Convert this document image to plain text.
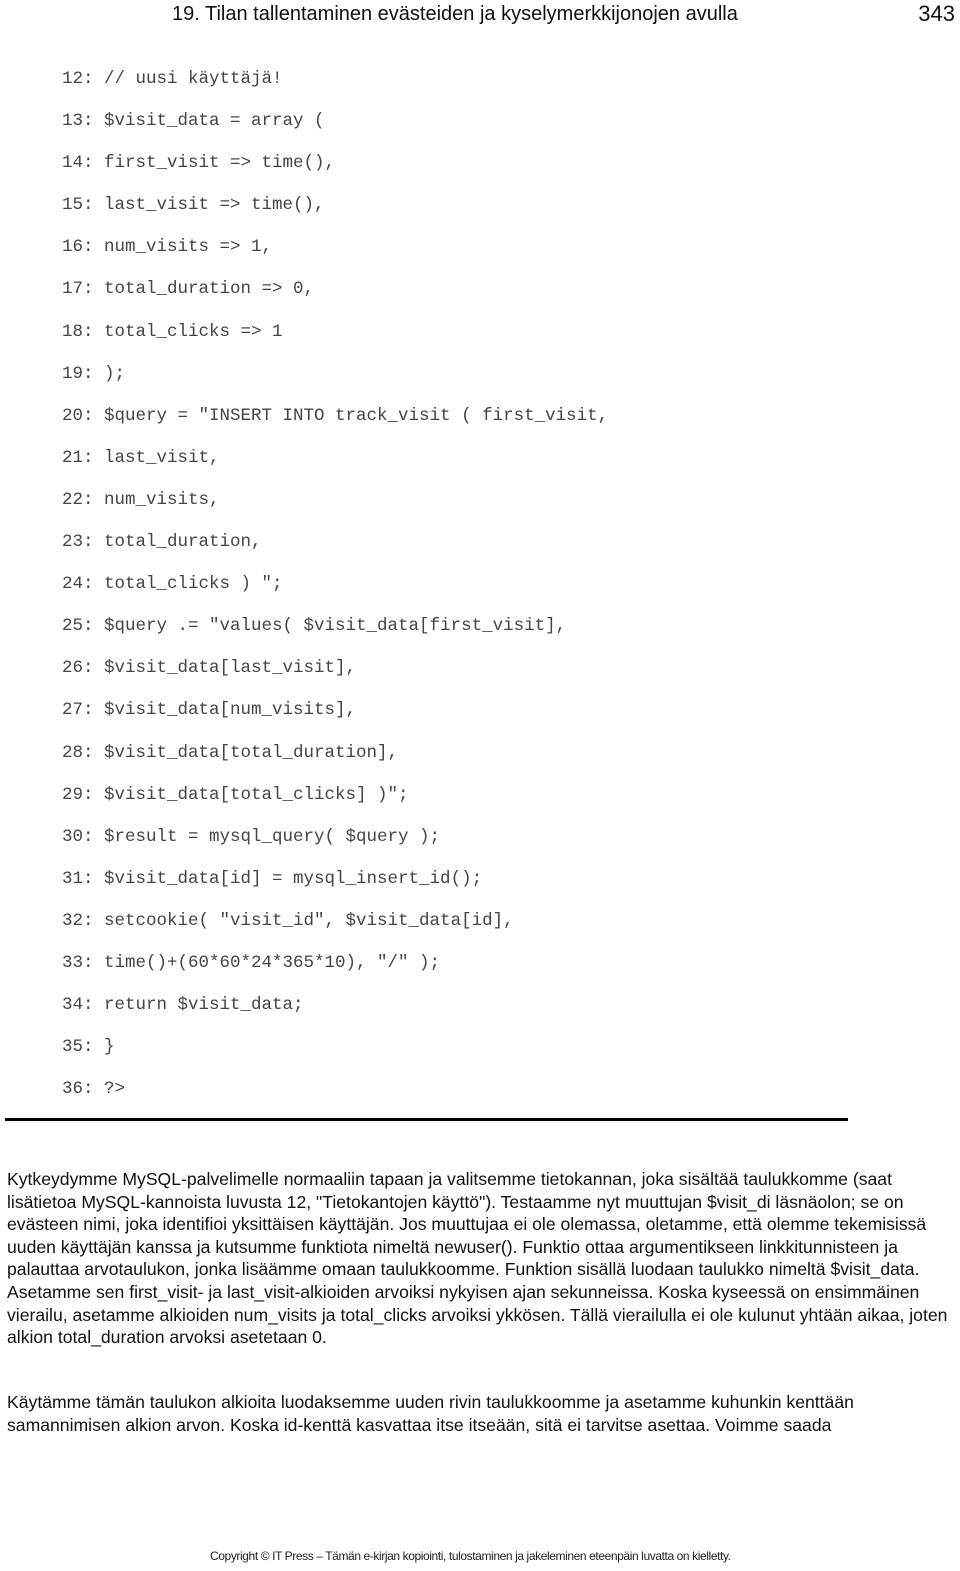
19. Tilan tallentaminen evästeiden ja kyselymerkkijonojen avulla	343
12: // uusi käyttäjä!
13: $visit_data = array (
14: first_visit => time(),
15: last_visit => time(),
16: num_visits => 1,
17: total_duration => 0,
18: total_clicks => 1
19: );
20: $query = "INSERT INTO track_visit ( first_visit,
21: last_visit,
22: num_visits,
23: total_duration,
24: total_clicks ) ";
25: $query .= "values( $visit_data[first_visit],
26: $visit_data[last_visit],
27: $visit_data[num_visits],
28: $visit_data[total_duration],
29: $visit_data[total_clicks] )";
30: $result = mysql_query( $query );
31: $visit_data[id] = mysql_insert_id();
32: setcookie( "visit_id", $visit_data[id],
33: time()+(60*60*24*365*10), "/" );
34: return $visit_data;
35: }
36: ?>

Kytkeydymme MySQL-palvelimelle normaaliin tapaan ja valitsemme tietokannan, joka sisältää taulukkomme (saat lisätietoa MySQL-kannoista luvusta 12, "Tietokantojen käyttö"). Testaamme nyt muuttujan $visit_di läsnäolon; se on evästeen nimi, joka identifioi yksittäisen käyttäjän. Jos muuttujaa ei ole olemassa, oletamme, että olemme tekemisissä uuden käyttäjän kanssa ja kutsumme funktiota nimeltä newuser(). Funktio ottaa argumentikseen linkkitunnisteen ja palauttaa arvotaulukon, jonka lisäämme omaan taulukkoomme. Funktion sisällä luodaan taulukko nimeltä $visit_data. Asetamme sen first_visit- ja last_visit-alkioiden arvoiksi nykyisen ajan sekunneissa. Koska kyseessä on ensimmäinen vierailu, asetamme alkioiden num_visits ja total_clicks arvoiksi ykkösen. Tällä vierailulla ei ole kulunut yhtään aikaa, joten alkion total_duration arvoksi asetetaan 0.

Käytämme tämän taulukon alkioita luodaksemme uuden rivin taulukkoomme ja asetamme kuhunkin kenttään samannimisen alkion arvon. Koska id-kenttä kasvattaa itse itseään, sitä ei tarvitse asettaa. Voimme saada

Copyright © IT Press – Tämän e-kirjan kopiointi, tulostaminen ja jakeleminen eteenpäin luvatta on kielletty.
